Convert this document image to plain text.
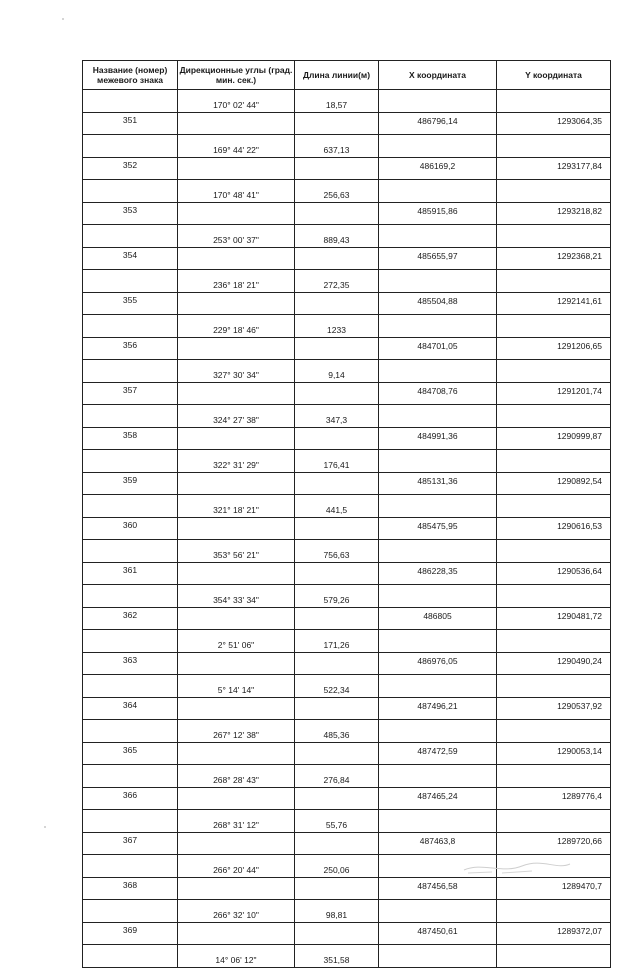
Название (номер) межевого знака	Дирекционные углы (град. мин. сек.)	Длина линии(м)	X координата	Y координата
	170° 02' 44"	18,57		
351			486796,14	1293064,35
	169° 44' 22"	637,13		
352			486169,2	1293177,84
	170° 48' 41"	256,63		
353			485915,86	1293218,82
	253° 00' 37"	889,43		
354			485655,97	1292368,21
	236° 18' 21"	272,35		
355			485504,88	1292141,61
	229° 18' 46"	1233		
356			484701,05	1291206,65
	327° 30' 34"	9,14		
357			484708,76	1291201,74
	324° 27' 38"	347,3		
358			484991,36	1290999,87
	322° 31' 29"	176,41		
359			485131,36	1290892,54
	321° 18' 21"	441,5		
360			485475,95	1290616,53
	353° 56' 21"	756,63		
361			486228,35	1290536,64
	354° 33' 34"	579,26		
362			486805	1290481,72
	2° 51' 06"	171,26		
363			486976,05	1290490,24
	5° 14' 14"	522,34		
364			487496,21	1290537,92
	267° 12' 38"	485,36		
365			487472,59	1290053,14
	268° 28' 43"	276,84		
366			487465,24	1289776,4
	268° 31' 12"	55,76		
367			487463,8	1289720,66
	266° 20' 44"	250,06		
368			487456,58	1289470,7
	266° 32' 10"	98,81		
369			487450,61	1289372,07
	14° 06' 12"	351,58		
